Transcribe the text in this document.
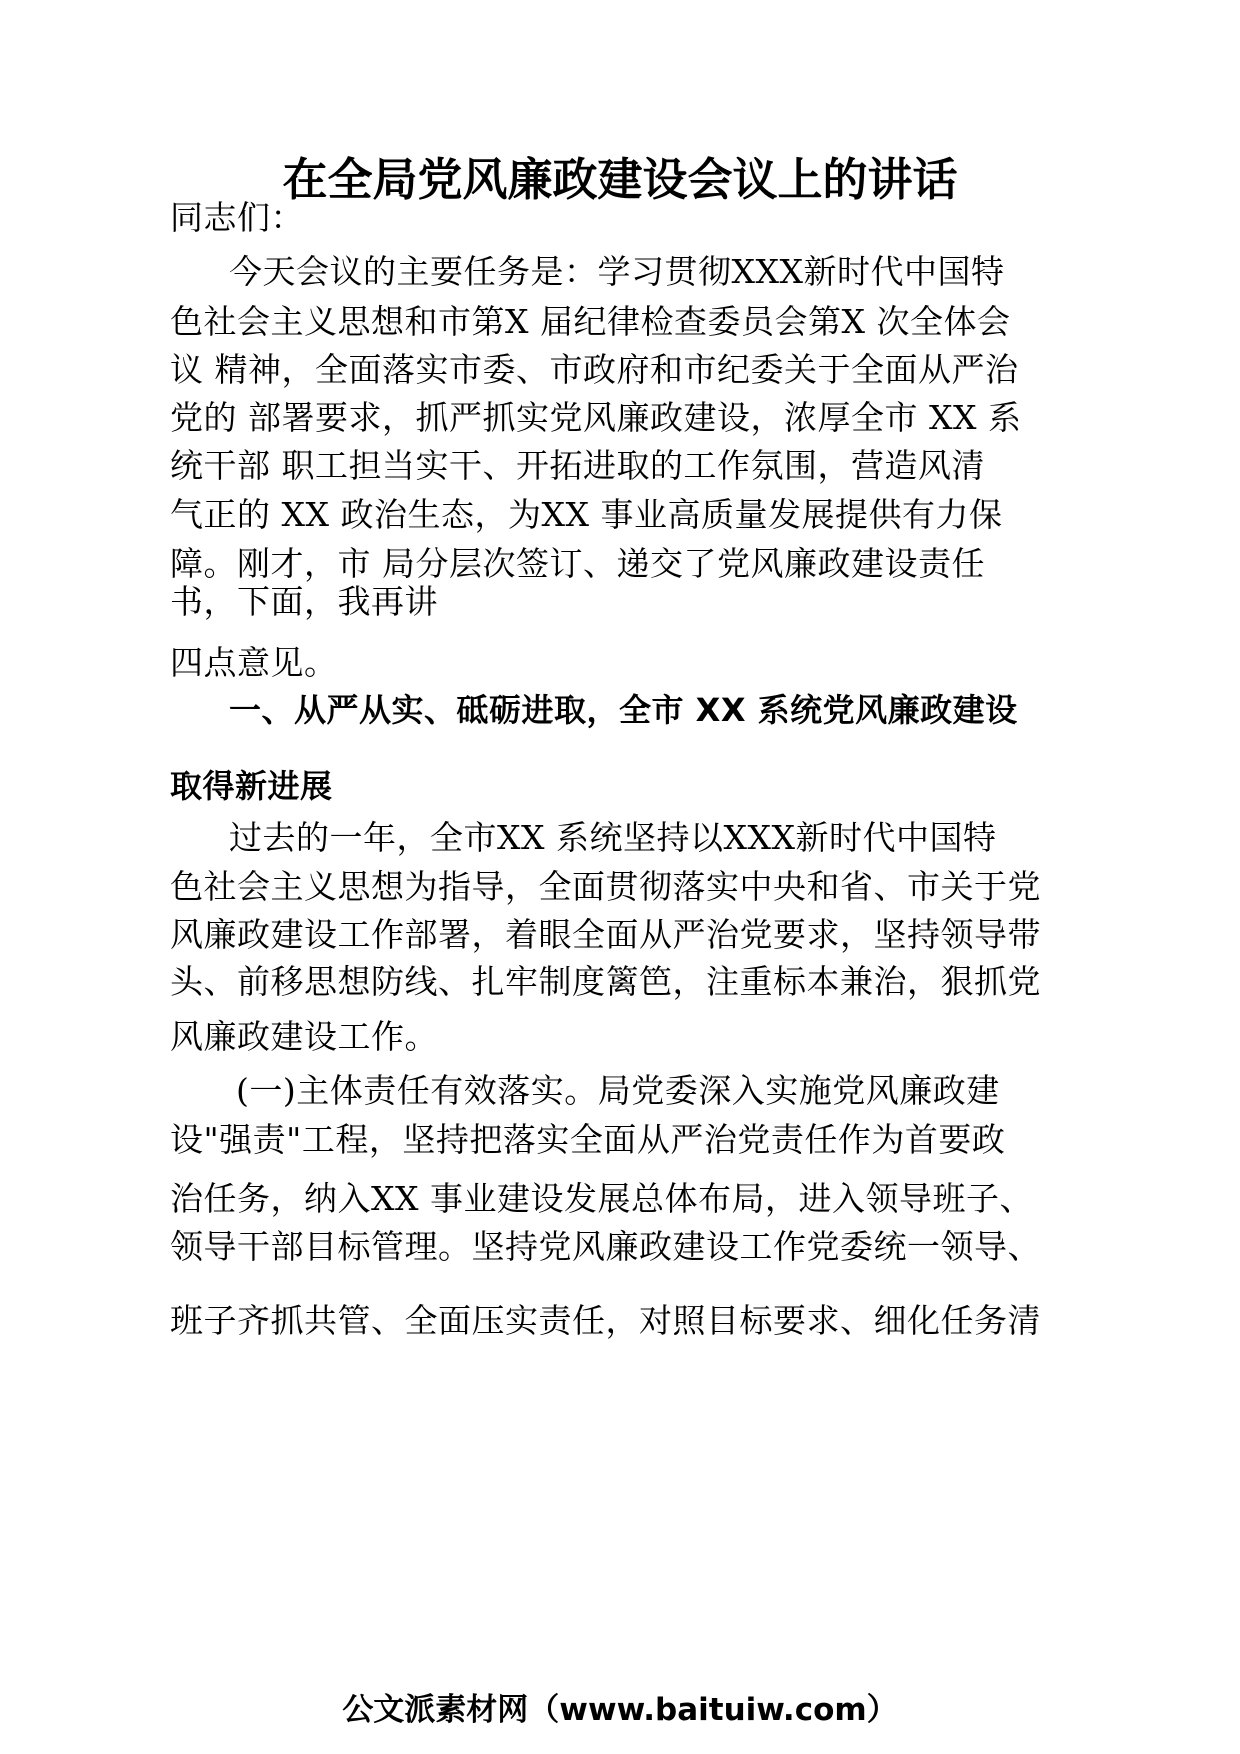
在全局党风廉政建设会议上的讲话
同志们：
今天会议的主要任务是：学习贯彻XXX新时代中国特
色社会主义思想和市第X 届纪律检查委员会第X 次全体会
议 精神，全面落实市委、市政府和市纪委关于全面从严治
党的 部署要求，抓严抓实党风廉政建设，浓厚全市 XX 系
统干部 职工担当实干、开拓进取的工作氛围，营造风清
气正的 XX 政治生态，为XX 事业高质量发展提供有力保
障。刚才，市 局分层次签订、递交了党风廉政建设责任
书，下面，我再讲
四点意见。
一、从严从实、砥砺进取，全市 XX 系统党风廉政建设
取得新进展
过去的一年，全市XX 系统坚持以XXX新时代中国特
色社会主义思想为指导，全面贯彻落实中央和省、市关于党
风廉政建设工作部署，着眼全面从严治党要求，坚持领导带
头、前移思想防线、扎牢制度篱笆，注重标本兼治，狠抓党
风廉政建设工作。
(一)主体责任有效落实。局党委深入实施党风廉政建
设"强责"工程，坚持把落实全面从严治党责任作为首要政
治任务，纳入XX 事业建设发展总体布局，进入领导班子、
领导干部目标管理。坚持党风廉政建设工作党委统一领导、
班子齐抓共管、全面压实责任，对照目标要求、细化任务清
公文派素材网（www.baituiw.com）
